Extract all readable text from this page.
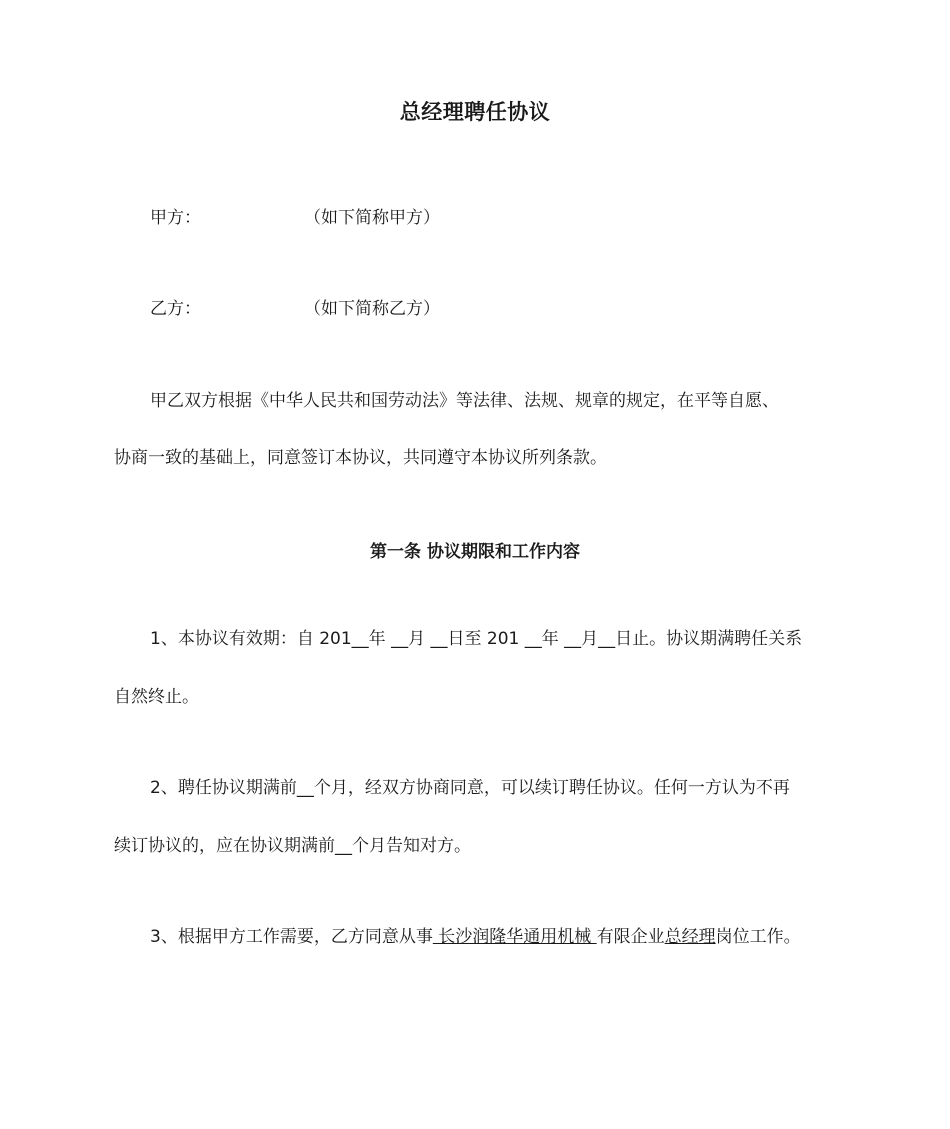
总经理聘任协议
甲方：	（如下简称甲方）
乙方：	（如下简称乙方）
甲乙双方根据《中华人民共和国劳动法》等法律、法规、规章的规定，在平等自愿、
协商一致的基础上，同意签订本协议，共同遵守本协议所列条款。
第一条 协议期限和工作内容
1、本协议有效期：自 201__年 __月 __日至 201 __年 __月__日止。协议期满聘任关系
自然终止。
2、聘任协议期满前__个月，经双方协商同意，可以续订聘任协议。任何一方认为不再
续订协议的，应在协议期满前__个月告知对方。
3、根据甲方工作需要，乙方同意从事 长沙润隆华通用机械 有限企业总经理岗位工作。
